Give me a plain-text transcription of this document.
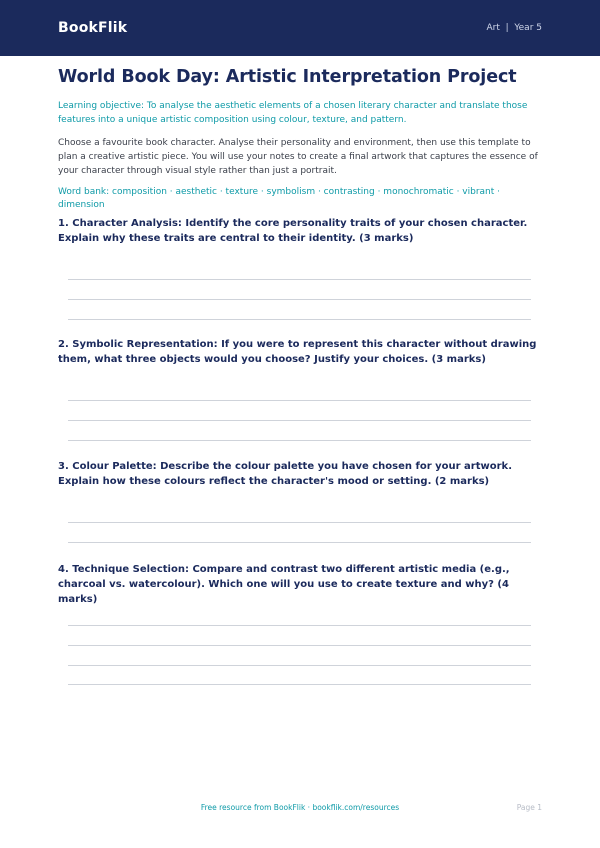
BookFlik	Art  |  Year 5
World Book Day: Artistic Interpretation Project
Learning objective: To analyse the aesthetic elements of a chosen literary character and translate those features into a unique artistic composition using colour, texture, and pattern.
Choose a favourite book character. Analyse their personality and environment, then use this template to plan a creative artistic piece. You will use your notes to create a final artwork that captures the essence of your character through visual style rather than just a portrait.
Word bank: composition · aesthetic · texture · symbolism · contrasting · monochromatic · vibrant · dimension
1. Character Analysis: Identify the core personality traits of your chosen character. Explain why these traits are central to their identity. (3 marks)
2. Symbolic Representation: If you were to represent this character without drawing them, what three objects would you choose? Justify your choices. (3 marks)
3. Colour Palette: Describe the colour palette you have chosen for your artwork. Explain how these colours reflect the character's mood or setting. (2 marks)
4. Technique Selection: Compare and contrast two different artistic media (e.g., charcoal vs. watercolour). Which one will you use to create texture and why? (4 marks)
Free resource from BookFlik · bookflik.com/resources	Page 1
